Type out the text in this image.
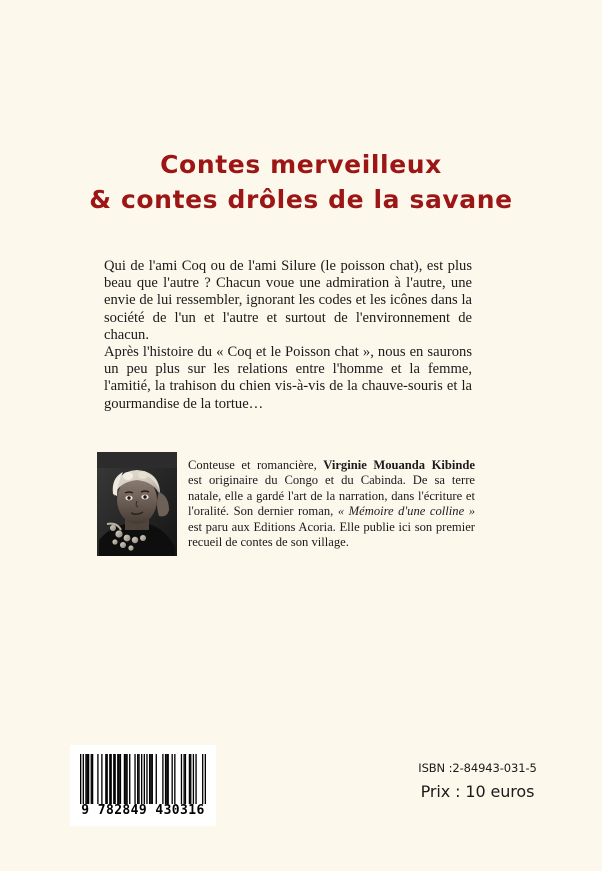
Contes merveilleux
& contes drôles de la savane

Qui de l'ami Coq ou de l'ami Silure (le poisson chat), est plus beau que l'autre ? Chacun voue une admiration à l'autre, une envie de lui ressembler, ignorant les codes et les icônes dans la société de l'un et l'autre et surtout de l'environnement de chacun.

Après l'histoire du « Coq et le Poisson chat », nous en saurons un peu plus sur les relations entre l'homme et la femme, l'amitié, la trahison du chien vis-à-vis de la chauve-souris et la gourmandise de la tortue…

Conteuse et romancière, Virginie Mouanda Kibinde est originaire du Congo et du Cabinda. De sa terre natale, elle a gardé l'art de la narration, dans l'écriture et l'oralité. Son dernier roman, « Mémoire d'une colline » est paru aux Editions Acoria. Elle publie ici son premier recueil de contes de son village.

9 782849 430316
ISBN :2-84943-031-5
Prix : 10 euros
